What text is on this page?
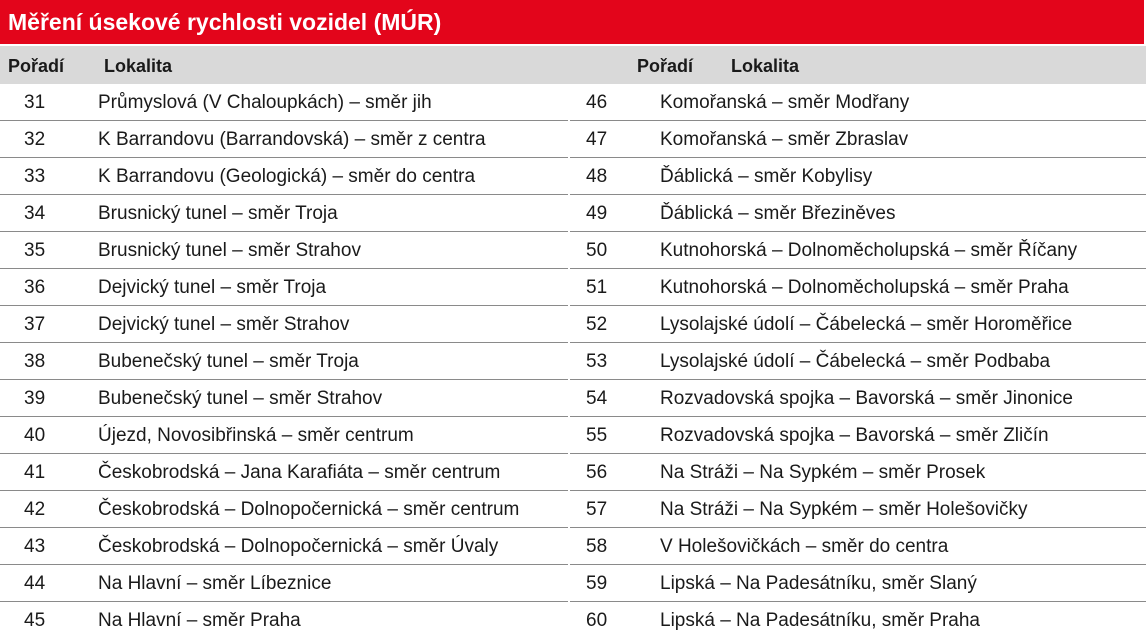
Měření úsekové rychlosti vozidel (MÚR)
Pořadí Lokalita	Pořadí Lokalita
31	Průmyslová (V Chaloupkách) – směr jih
32	K Barrandovu (Barrandovská) – směr z centra
33	K Barrandovu (Geologická) – směr do centra
34	Brusnický tunel – směr Troja
35	Brusnický tunel – směr Strahov
36	Dejvický tunel – směr Troja
37	Dejvický tunel – směr Strahov
38	Bubenečský tunel – směr Troja
39	Bubenečský tunel – směr Strahov
40	Újezd, Novosibřinská – směr centrum
41	Českobrodská – Jana Karafiáta – směr centrum
42	Českobrodská – Dolnopočernická – směr centrum
43	Českobrodská – Dolnopočernická – směr Úvaly
44	Na Hlavní – směr Líbeznice
45	Na Hlavní – směr Praha
46	Komořanská – směr Modřany
47	Komořanská – směr Zbraslav
48	Ďáblická – směr Kobylisy
49	Ďáblická – směr Březiněves
50	Kutnohorská – Dolnoměcholupská – směr Říčany
51	Kutnohorská – Dolnoměcholupská – směr Praha
52	Lysolajské údolí – Čábelecká – směr Horoměřice
53	Lysolajské údolí – Čábelecká – směr Podbaba
54	Rozvadovská spojka – Bavorská – směr Jinonice
55	Rozvadovská spojka – Bavorská – směr Zličín
56	Na Stráži – Na Sypkém – směr Prosek
57	Na Stráži – Na Sypkém – směr Holešovičky
58	V Holešovičkách – směr do centra
59	Lipská – Na Padesátníku, směr Slaný
60	Lipská – Na Padesátníku, směr Praha
